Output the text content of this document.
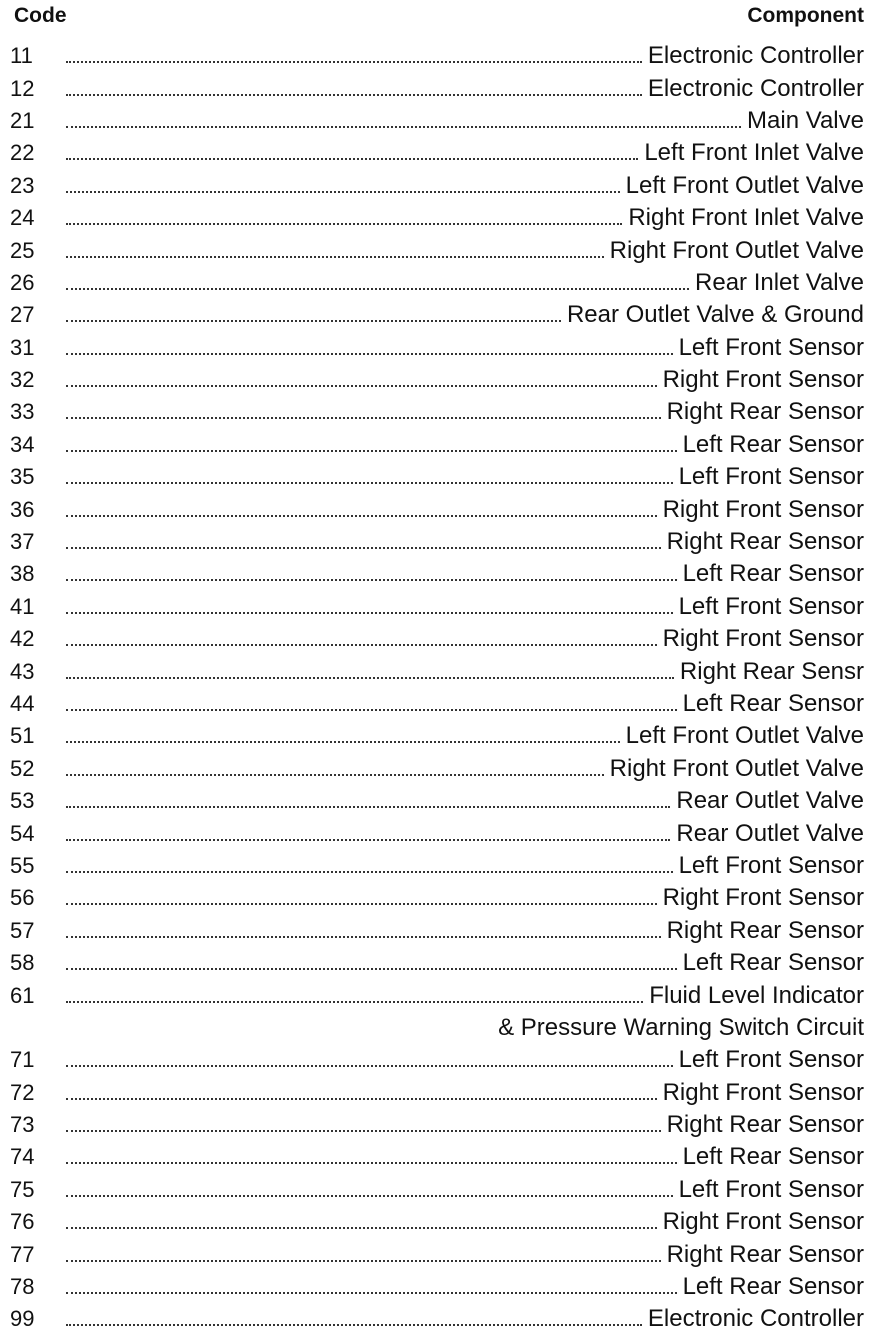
Code	Component
11	Electronic Controller
12	Electronic Controller
21	Main Valve
22	Left Front Inlet Valve
23	Left Front Outlet Valve
24	Right Front Inlet Valve
25	Right Front Outlet Valve
26	Rear Inlet Valve
27	Rear Outlet Valve & Ground
31	Left Front Sensor
32	Right Front Sensor
33	Right Rear Sensor
34	Left Rear Sensor
35	Left Front Sensor
36	Right Front Sensor
37	Right Rear Sensor
38	Left Rear Sensor
41	Left Front Sensor
42	Right Front Sensor
43	Right Rear Sensr
44	Left Rear Sensor
51	Left Front Outlet Valve
52	Right Front Outlet Valve
53	Rear Outlet Valve
54	Rear Outlet Valve
55	Left Front Sensor
56	Right Front Sensor
57	Right Rear Sensor
58	Left Rear Sensor
61	Fluid Level Indicator
& Pressure Warning Switch Circuit
71	Left Front Sensor
72	Right Front Sensor
73	Right Rear Sensor
74	Left Rear Sensor
75	Left Front Sensor
76	Right Front Sensor
77	Right Rear Sensor
78	Left Rear Sensor
99	Electronic Controller
